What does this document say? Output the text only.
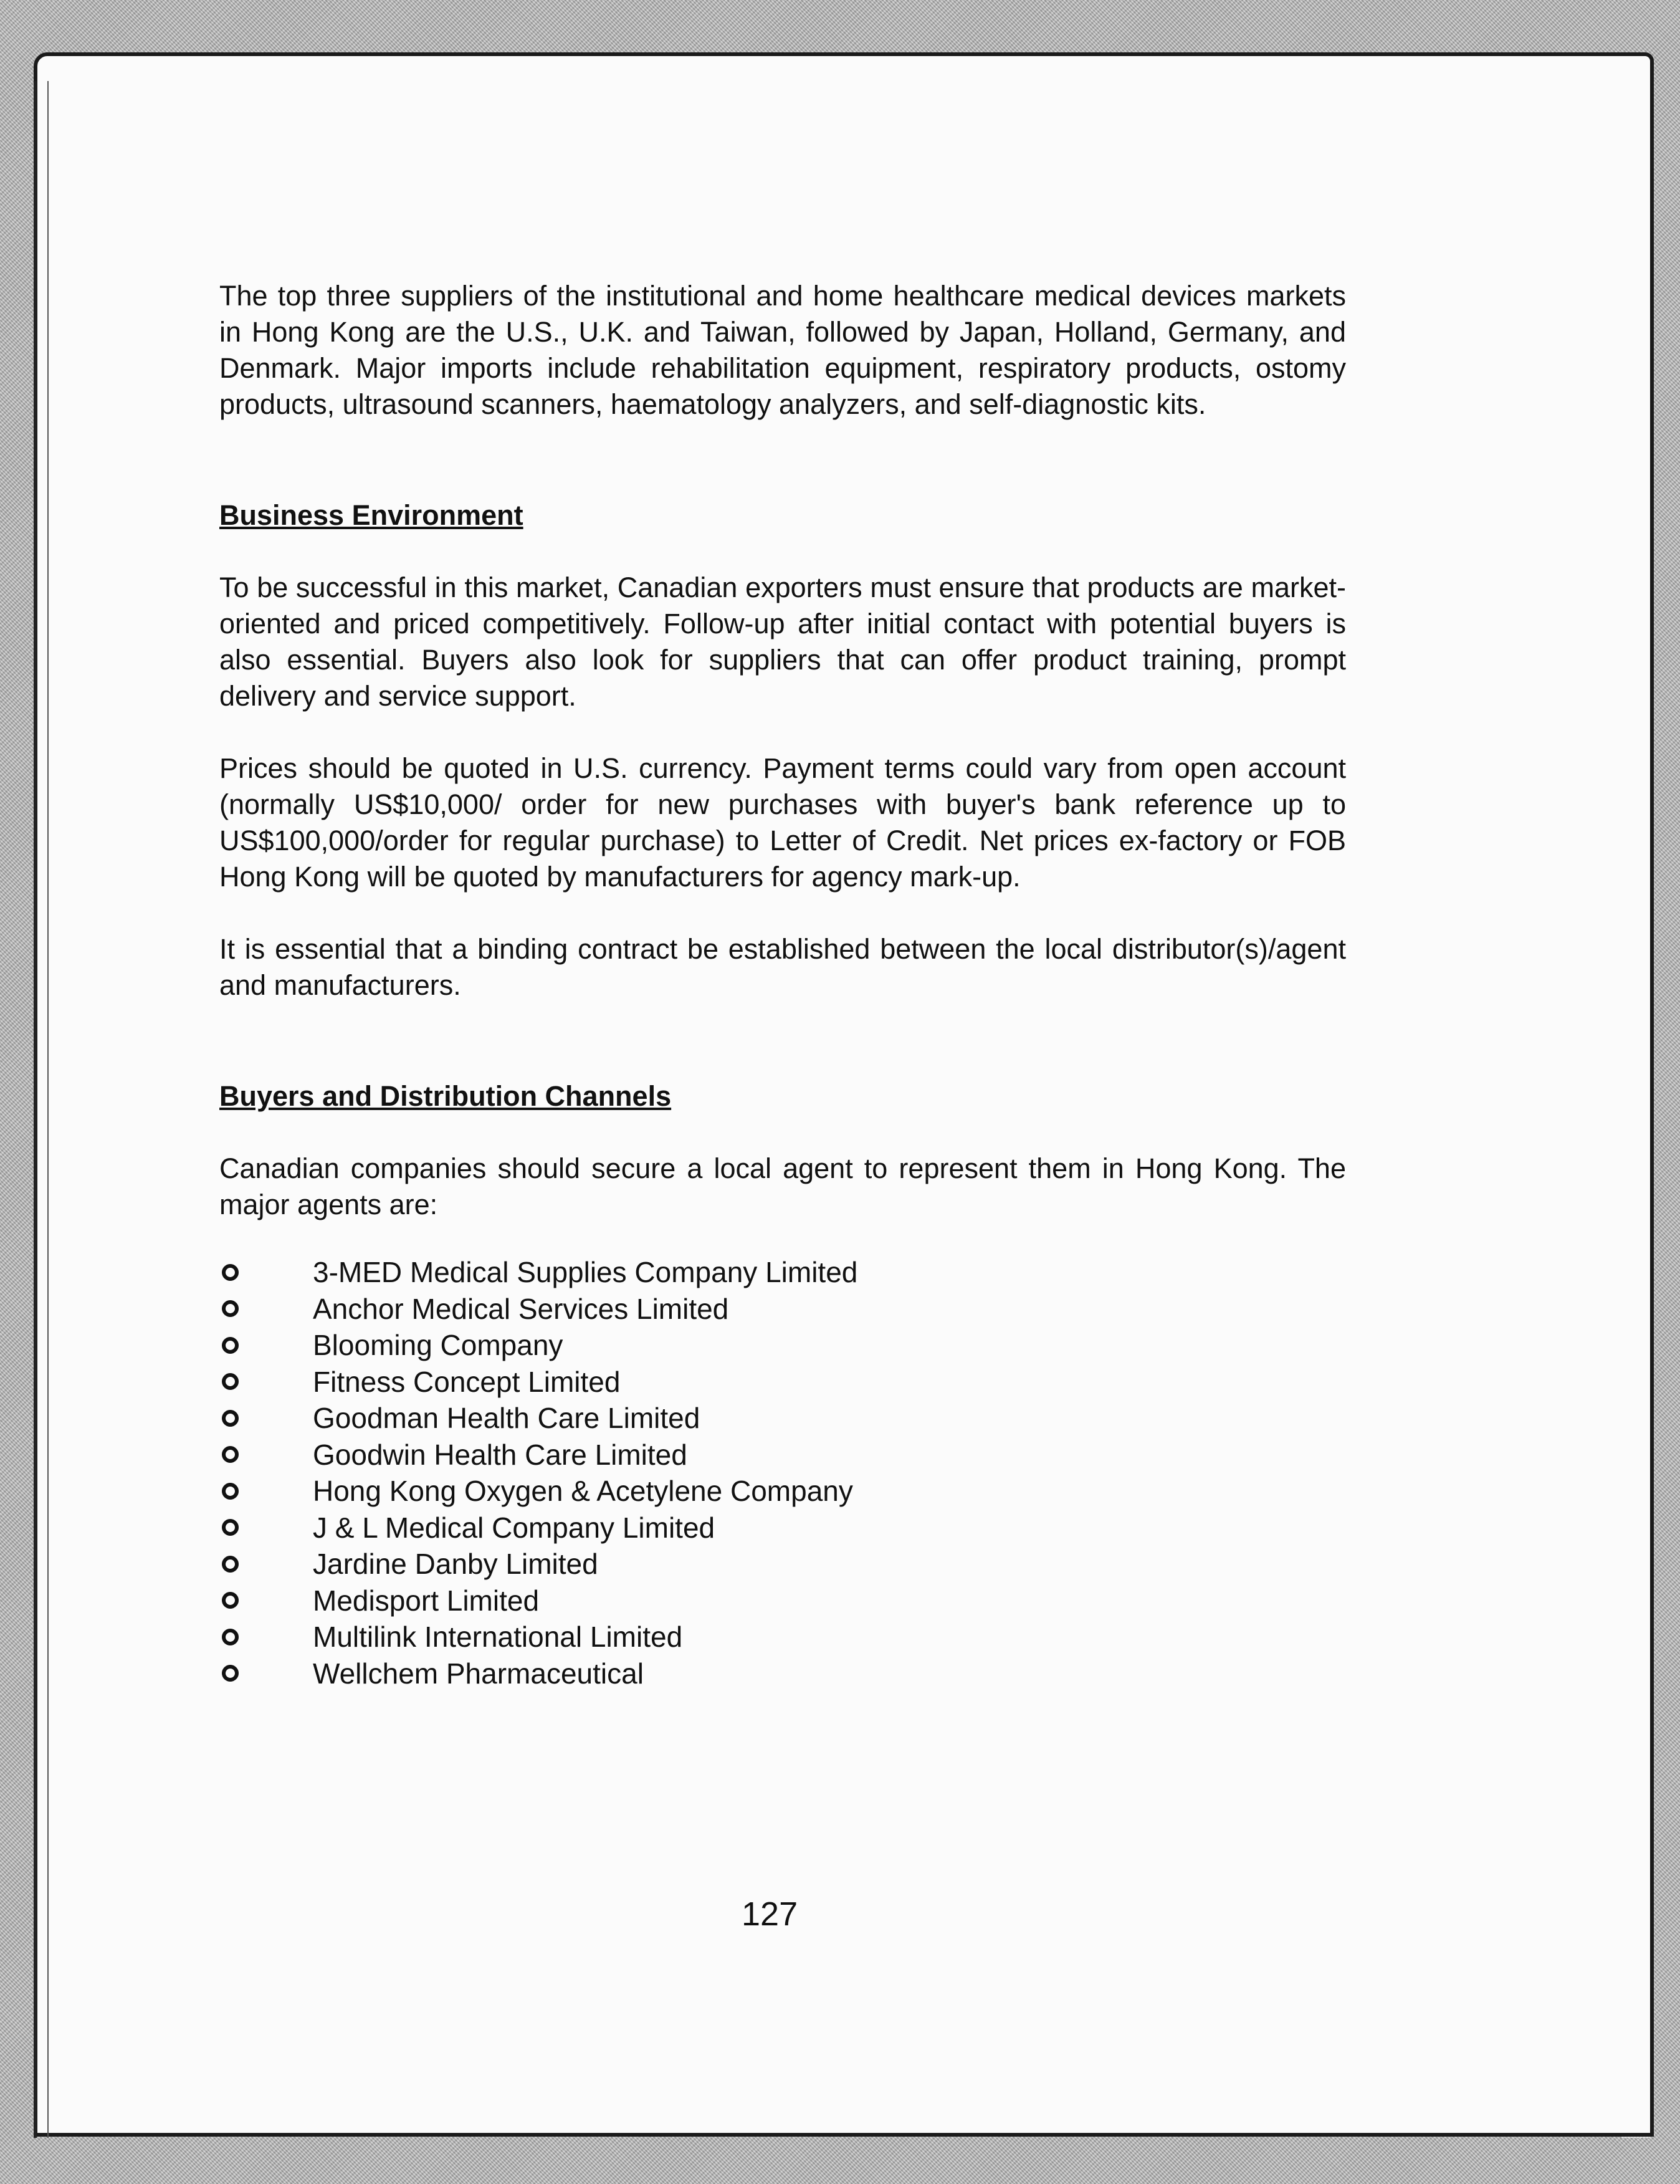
The top three suppliers of the institutional and home healthcare medical devices markets in Hong Kong are the U.S., U.K. and Taiwan, followed by Japan, Holland, Germany, and Denmark. Major imports include rehabilitation equipment, respiratory products, ostomy products, ultrasound scanners, haematology analyzers, and self-diagnostic kits.

Business Environment

To be successful in this market, Canadian exporters must ensure that products are market-oriented and priced competitively. Follow-up after initial contact with potential buyers is also essential. Buyers also look for suppliers that can offer product training, prompt delivery and service support.

Prices should be quoted in U.S. currency. Payment terms could vary from open account (normally US$10,000/ order for new purchases with buyer's bank reference up to US$100,000/order for regular purchase) to Letter of Credit. Net prices ex-factory or FOB Hong Kong will be quoted by manufacturers for agency mark-up.

It is essential that a binding contract be established between the local distributor(s)/agent and manufacturers.

Buyers and Distribution Channels

Canadian companies should secure a local agent to represent them in Hong Kong. The major agents are:

3-MED Medical Supplies Company Limited
Anchor Medical Services Limited
Blooming Company
Fitness Concept Limited
Goodman Health Care Limited
Goodwin Health Care Limited
Hong Kong Oxygen & Acetylene Company
J & L Medical Company Limited
Jardine Danby Limited
Medisport Limited
Multilink International Limited
Wellchem Pharmaceutical
127
